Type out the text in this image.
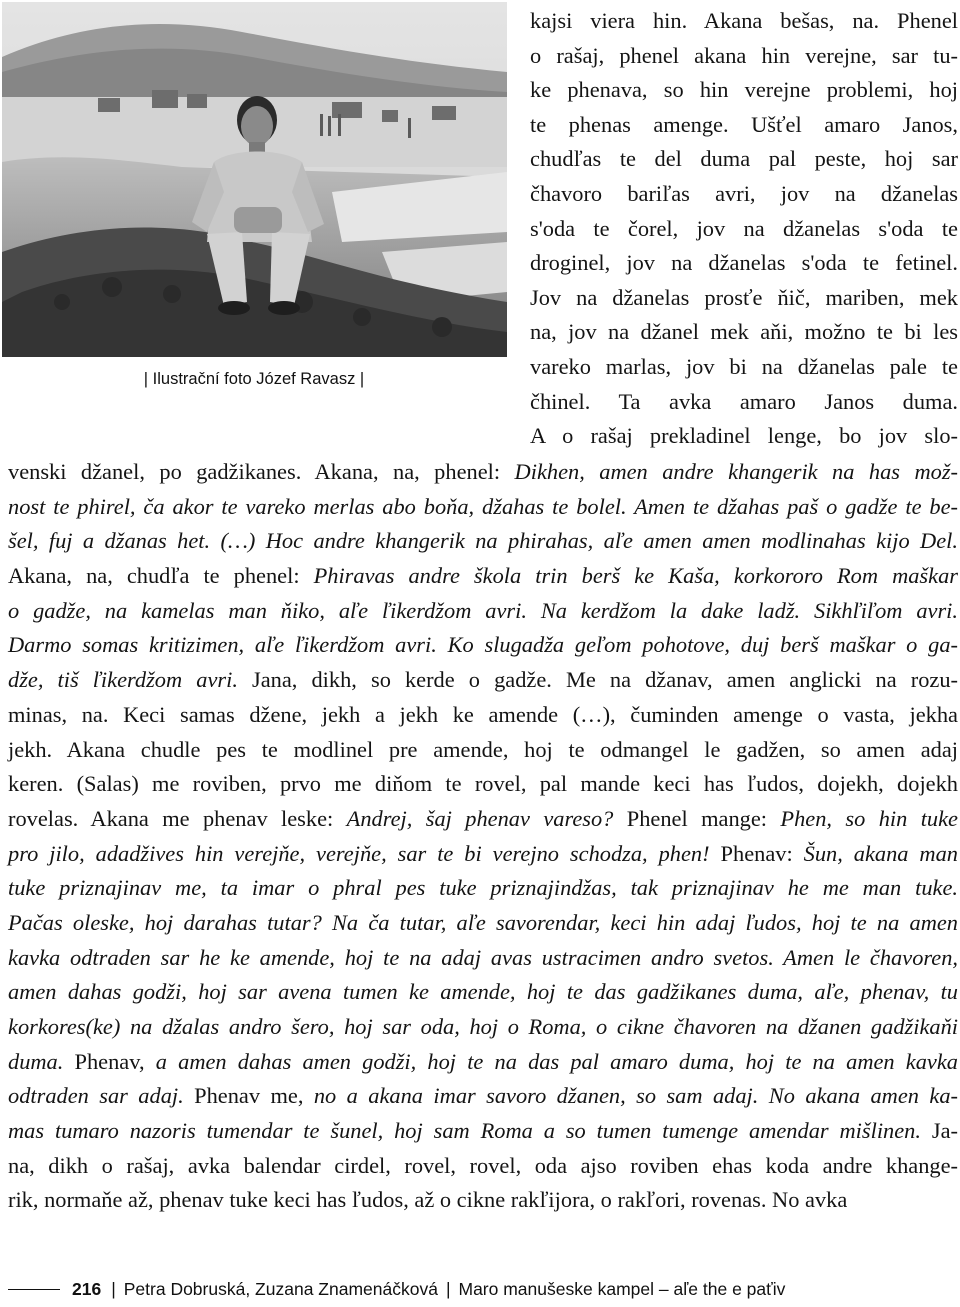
| Ilustrační foto Józef Ravasz |
kajsi viera hin. Akana bešas, na. Phenel
o rašaj, phenel akana hin verejne, sar tu-
ke phenava, so hin verejne problemi, hoj
te phenas amenge. Ušťel amaro Janos,
chudľas te del duma pal peste, hoj sar
čhavoro bariľas avri, jov na džanelas
s'oda te čorel, jov na džanelas s'oda te
droginel, jov na džanelas s'oda te fetinel.
Jov na džanelas prosťe ňič, mariben, mek
na, jov na džanel mek aňi, možno te bi les
vareko marlas, jov bi na džanelas pale te
čhinel. Ta avka amaro Janos duma.
A o rašaj prekladinel lenge, bo jov slo-
venski džanel, po gadžikanes. Akana, na, phenel: Dikhen, amen andre khangerik na has mož-
nost te phirel, ča akor te vareko merlas abo boňa, džahas te bolel. Amen te džahas paš o gadže te be-
šel, fuj a džanas het. (…) Hoc andre khangerik na phirahas, aľe amen amen modlinahas kijo Del.
Akana, na, chudľa te phenel: Phiravas andre škola trin berš ke Kaša, korkororo Rom maškar
o gadže, na kamelas man ňiko, aľe ľikerdžom avri. Na kerdžom la dake ladž. Sikhľiľom avri.
Darmo somas kritizimen, aľe ľikerdžom avri. Ko slugadža geľom pohotove, duj berš maškar o ga-
dže, tiš ľikerdžom avri. Jana, dikh, so kerde o gadže. Me na džanav, amen anglicki na rozu-
minas, na. Keci samas džene, jekh a jekh ke amende (…), čuminden amenge o vasta, jekha
jekh. Akana chudle pes te modlinel pre amende, hoj te odmangel le gadžen, so amen adaj
keren. (Salas) me roviben, prvo me diňom te rovel, pal mande keci has ľudos, dojekh, dojekh
rovelas. Akana me phenav leske: Andrej, šaj phenav vareso? Phenel mange: Phen, so hin tuke
pro jilo, adadžives hin verejňe, verejňe, sar te bi verejno schodza, phen! Phenav: Šun, akana man
tuke priznajinav me, ta imar o phral pes tuke priznajindžas, tak priznajinav he me man tuke.
Pačas oleske, hoj darahas tutar? Na ča tutar, aľe savorendar, keci hin adaj ľudos, hoj te na amen
kavka odtraden sar he ke amende, hoj te na adaj avas ustracimen andro svetos. Amen le čhavoren,
amen dahas godži, hoj sar avena tumen ke amende, hoj te das gadžikanes duma, aľe, phenav, tu
korkores(ke) na džalas andro šero, hoj sar oda, hoj o Roma, o cikne čhavoren na džanen gadžikaňi
duma. Phenav, a amen dahas amen godži, hoj te na das pal amaro duma, hoj te na amen kavka
odtraden sar adaj. Phenav me, no a akana imar savoro džanen, so sam adaj. No akana amen ka-
mas tumaro nazoris tumendar te šunel, hoj sam Roma a so tumen tumenge amendar mišlinen. Ja-
na, dikh o rašaj, avka balendar cirdel, rovel, rovel, oda ajso roviben ehas koda andre khange-
rik, normaňe až, phenav tuke keci has ľudos, až o cikne rakľijora, o rakľori, rovenas. No avka
216 | Petra Dobruská, Zuzana Znamenáčková | Maro manušeske kampel – aľe the e paťiv
